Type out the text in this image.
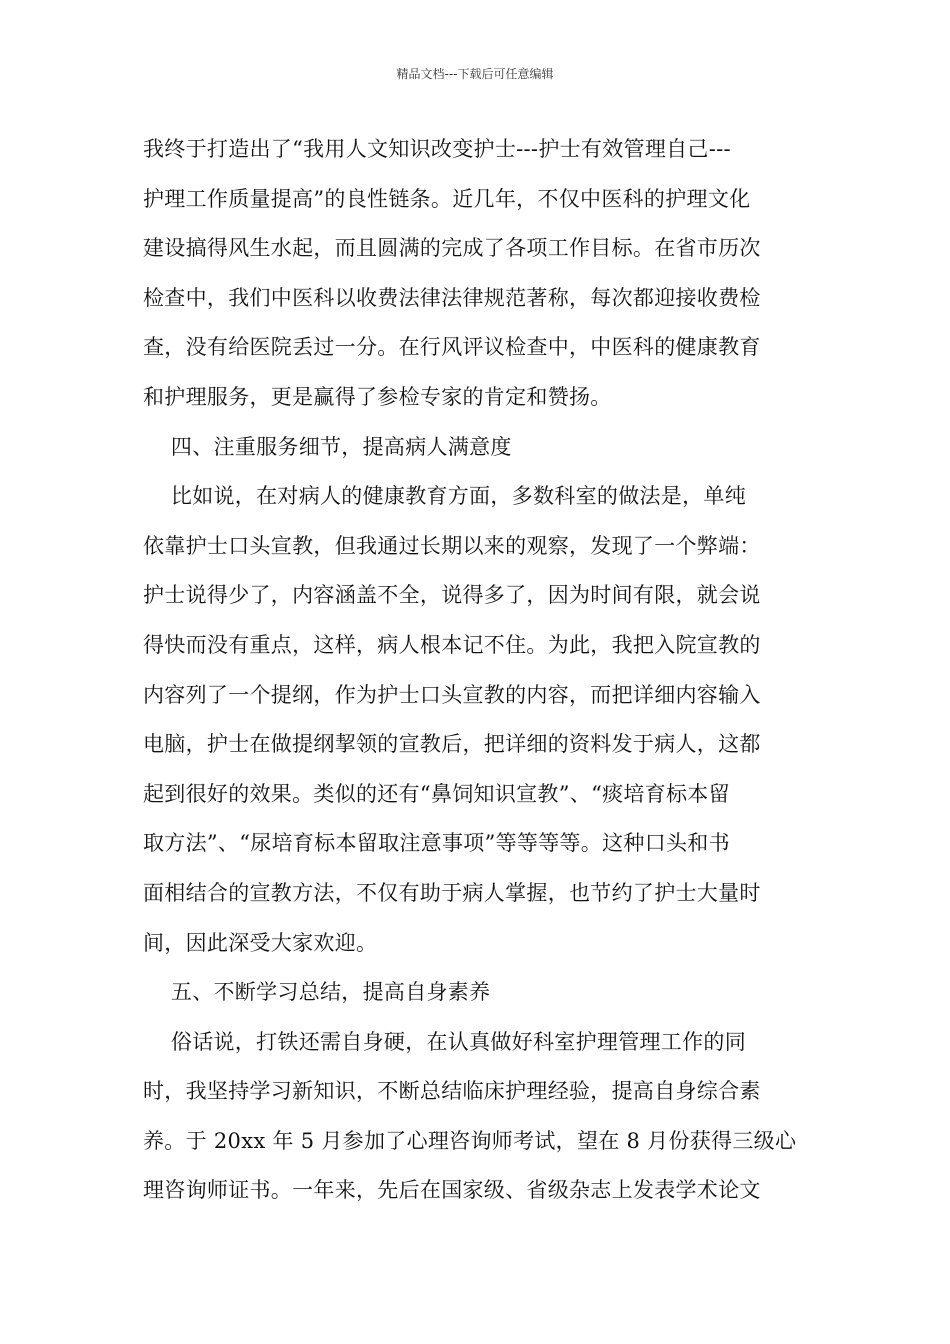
精品文档---下载后可任意编辑
我终于打造出了“我用人文知识改变护士---护士有效管理自己---
护理工作质量提高”的良性链条。近几年，不仅中医科的护理文化
建设搞得风生水起，而且圆满的完成了各项工作目标。在省市历次
检查中，我们中医科以收费法律法律规范著称，每次都迎接收费检
查，没有给医院丢过一分。在行风评议检查中，中医科的健康教育
和护理服务，更是赢得了参检专家的肯定和赞扬。
四、注重服务细节，提高病人满意度
比如说，在对病人的健康教育方面，多数科室的做法是，单纯
依靠护士口头宣教，但我通过长期以来的观察，发现了一个弊端：
护士说得少了，内容涵盖不全，说得多了，因为时间有限，就会说
得快而没有重点，这样，病人根本记不住。为此，我把入院宣教的
内容列了一个提纲，作为护士口头宣教的内容，而把详细内容输入
电脑，护士在做提纲挈领的宣教后，把详细的资料发于病人，这都
起到很好的效果。类似的还有“鼻饲知识宣教”、“痰培育标本留
取方法”、“尿培育标本留取注意事项”等等等等。这种口头和书
面相结合的宣教方法，不仅有助于病人掌握，也节约了护士大量时
间，因此深受大家欢迎。
五、不断学习总结，提高自身素养
俗话说，打铁还需自身硬，在认真做好科室护理管理工作的同
时，我坚持学习新知识，不断总结临床护理经验，提高自身综合素
养。于 20xx 年 5 月参加了心理咨询师考试，望在 8 月份获得三级心
理咨询师证书。一年来，先后在国家级、省级杂志上发表学术论文
